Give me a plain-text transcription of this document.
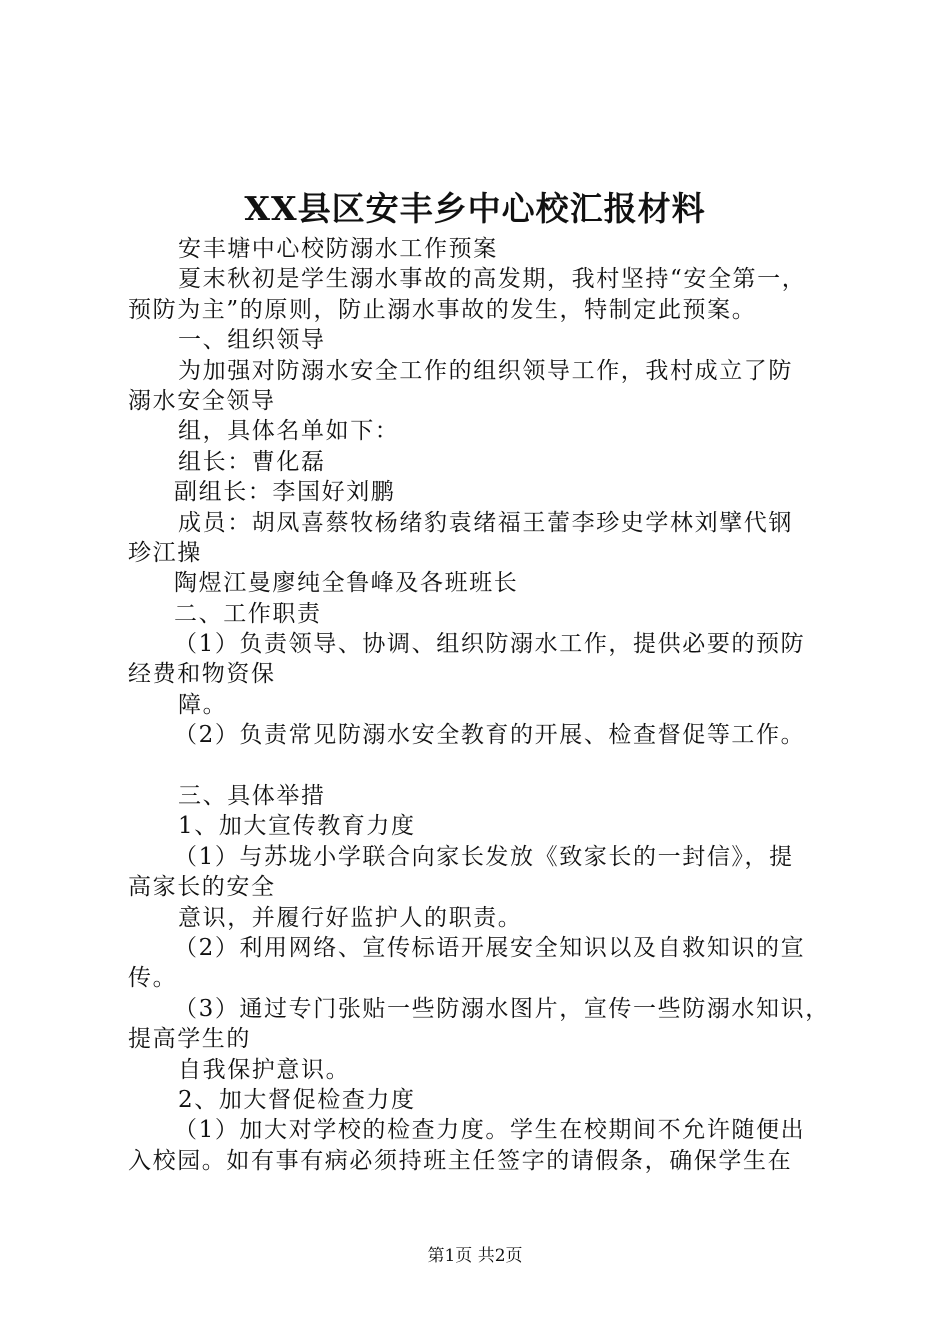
XX县区安丰乡中心校汇报材料
安丰塘中心校防溺水工作预案
夏末秋初是学生溺水事故的高发期，我村坚持“安全第一，
预防为主”的原则，防止溺水事故的发生，特制定此预案。
一、组织领导
为加强对防溺水安全工作的组织领导工作，我村成立了防
溺水安全领导
组，具体名单如下：
组长：曹化磊
副组长：李国好刘鹏
成员：胡凤喜蔡牧杨绪豹袁绪福王蕾李珍史学林刘擘代钢
珍江操
陶煜江曼廖纯全鲁峰及各班班长
二、工作职责
（1）负责领导、协调、组织防溺水工作，提供必要的预防
经费和物资保
障。
（2）负责常见防溺水安全教育的开展、检查督促等工作。
三、具体举措
1、加大宣传教育力度
（1）与苏垅小学联合向家长发放《致家长的一封信》，提
高家长的安全
意识，并履行好监护人的职责。
（2）利用网络、宣传标语开展安全知识以及自救知识的宣
传。
（3）通过专门张贴一些防溺水图片，宣传一些防溺水知识，
提高学生的
自我保护意识。
2、加大督促检查力度
（1）加大对学校的检查力度。学生在校期间不允许随便出
入校园。如有事有病必须持班主任签字的请假条，确保学生在
第1页 共2页
